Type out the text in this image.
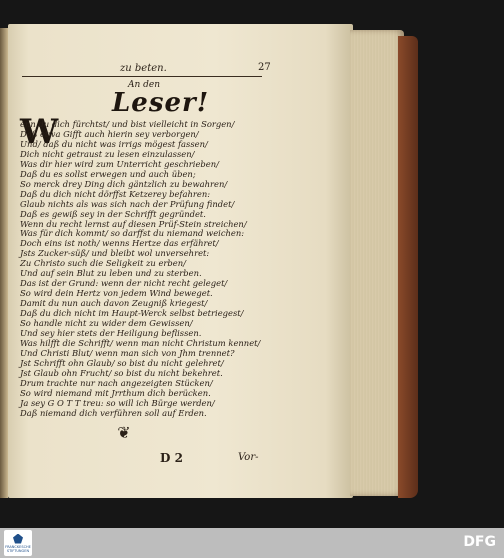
zu beten.	27
An den
Leser!
W
enn du dich fürchtst/ und bist vielleicht in Sorgen/
Daß etwa Gifft auch hierin sey verborgen/
Und/ daß du nicht was irrigs mögest fassen/
Dich nicht getraust zu lesen einzulassen/
Was dir hier wird zum Unterricht geschrieben/
Daß du es sollst erwegen und auch üben;
So merck drey Ding dich gäntzlich zu bewahren/
Daß du dich nicht dörffst Ketzerey befahren:
Glaub nichts als was sich nach der Prüfung findet/
Daß es gewiß sey in der Schrifft gegründet.
Wenn du recht lernst auf diesen Prüf-Stein streichen/
Was für dich kommt/ so darffst du niemand weichen:
Doch eins ist noth/ wenns Hertze das erfähret/
Jsts Zucker-süß/ und bleibt wol unversehret:
Zu Christo such die Seligkeit zu erben/
Und auf sein Blut zu leben und zu sterben.
Das ist der Grund: wenn der nicht recht geleget/
So wird dein Hertz von jedem Wind beweget.
Damit du nun auch davon Zeugniß kriegest/
Daß du dich nicht im Haupt-Werck selbst betriegest/
So handle nicht zu wider dem Gewissen/
Und sey hier stets der Heiligung beflissen.
Was hilfft die Schrifft/ wenn man nicht Christum kennet/
Und Christi Blut/ wenn man sich von Jhm trennet?
Jst Schrifft ohn Glaub/ so bist du nicht gelehret/
Jst Glaub ohn Frucht/ so bist du nicht bekehret.
Drum trachte nur nach angezeigten Stücken/
So wird niemand mit Jrrthum dich berücken.
Ja sey G O T T treu: so will ich Bürge werden/
Daß niemand dich verführen soll auf Erden.
❦
D 2	Vor-
FRANCKESCHE STIFTUNGEN
DFG
